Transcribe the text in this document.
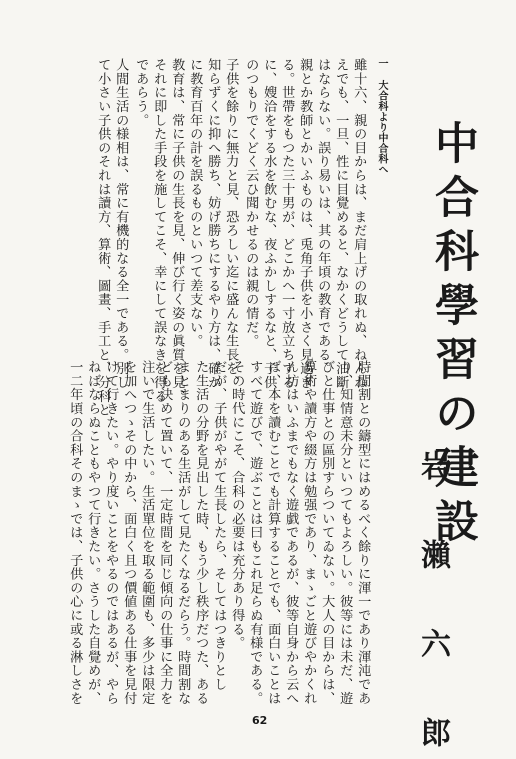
中合科學習の建設
岩 瀨 六 郎
一 大合科より中合科へ
雖十六、親の目からは、まだ肩上げの取れぬ、ねんね
えでも、一旦、性に目覺めると、なかくどうして油斷
はならない。誤り易いは、其の年頃の教育である。
親とか教師とかいふものは、兎角子供を小さく見過ぎ
る。世帶をもつた三十男が、どこかへ一寸放立ちする
に、嫂洽をする水を飲むな、夜ふかしするなと、子供
のつもりでくどく云ひ聞かせるのは親の情だ。
子供を餘りに無力と見、恐ろしい迄に盛んな生長を、
知らずくに抑へ勝ち、妨げ勝ちにするやり方は、確か
に教育百年の計を誤るものといつて差支ない。
教育は、常に子供の生長を見、伸び行く姿の眞質を見、
それに即した手段を施してこそ、幸にして誤なきを得る
であらう。
人間生活の様相は、常に有機的なる全一である。別し
て小さい子供のそれは讀方、算術、圖畫、手工と、分科と
時間割との鑄型にはめるべく餘りに渾一であり渾沌であ
り、知情意未分といつてもよろしい。彼等には未だ、遊
びと仕事との區別すらついてゐない。大人の目からは、
算術や讀方や綴方は勉强であり、まゝごと遊びやかくれ
ん坊はいふまでもなく遊戯であるが、彼等自身から云へ
ば、本を讀むことでも計算することでも、面白いことは
すべて遊びで、遊ぶことは曰もこれ足らぬ有様である。
その時代にこそ、合科の必要は充分あり得る。
だが、子供がやがて生長したら、そしてはつきりとし
た生活の分野を見出した時、もう少し秩序だつた、ある
まとまりのある生活がして見たくなるだらう。時間割な
ども決めて置いて、一定時間を同じ傾向の仕事に全力を
注いで生活したい。生活單位を取る範圍も、多少は限定
を加へつゝその中から、面白く且つ價値ある仕事を見付
けて行きたい。やり度いことをやるのではあるが、やら
ねばならぬこともやつて行きたい。さうした自覺めが、
一二年頃の合科そのまゝでは、子供の心に或る淋しさを
62
